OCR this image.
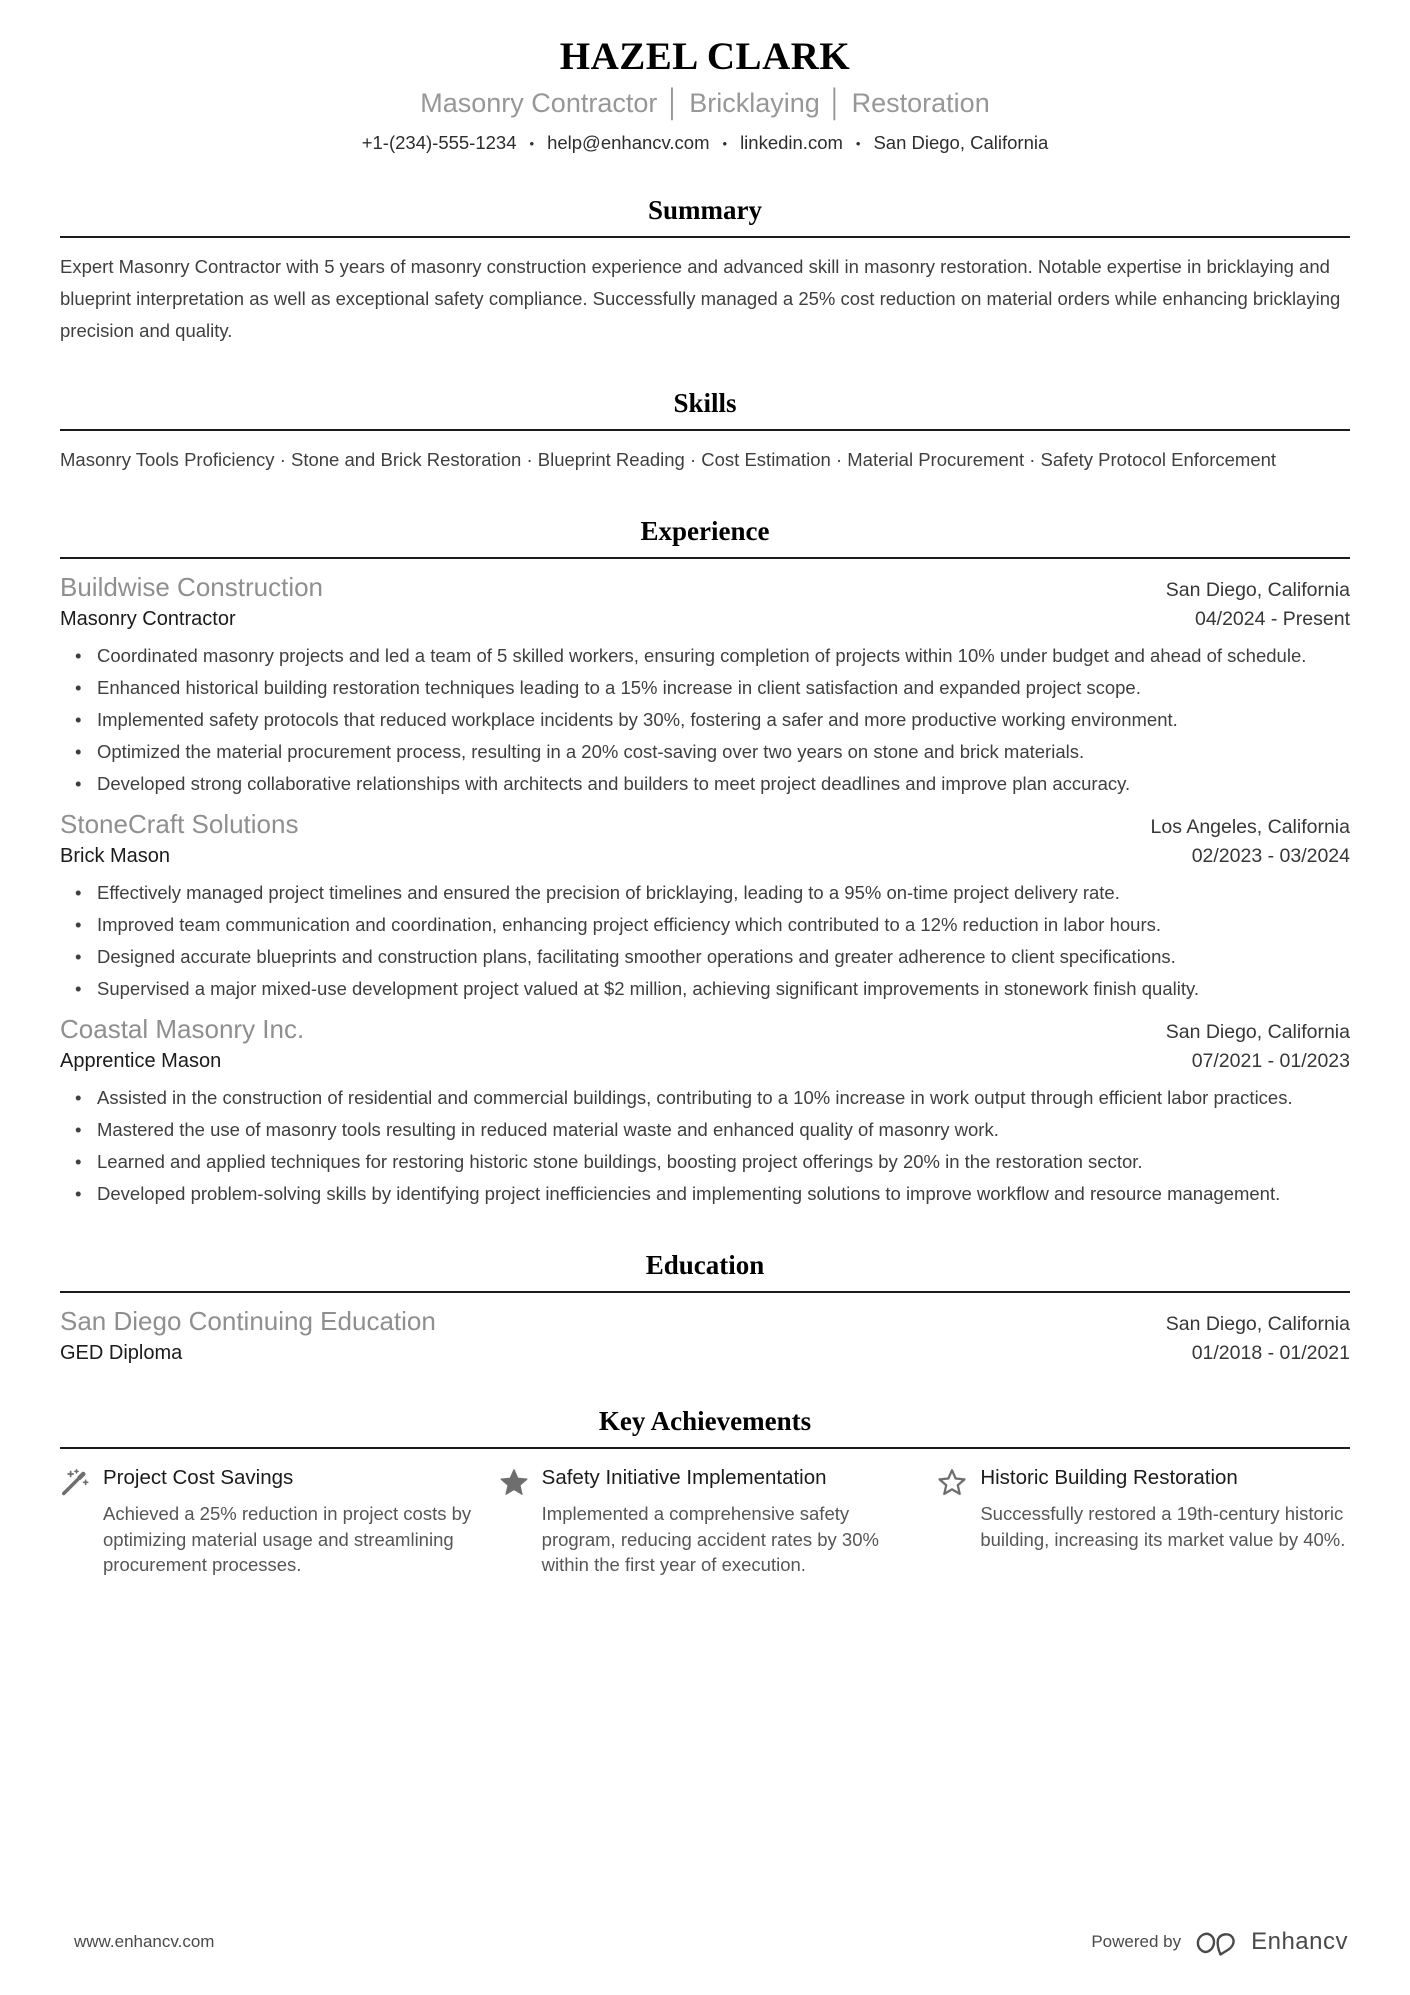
HAZEL CLARK
Masonry Contractor │ Bricklaying │ Restoration
+1-(234)-555-1234 • help@enhancv.com • linkedin.com • San Diego, California
Summary
Expert Masonry Contractor with 5 years of masonry construction experience and advanced skill in masonry restoration. Notable expertise in bricklaying and blueprint interpretation as well as exceptional safety compliance. Successfully managed a 25% cost reduction on material orders while enhancing bricklaying precision and quality.
Skills
Masonry Tools Proficiency · Stone and Brick Restoration · Blueprint Reading · Cost Estimation · Material Procurement · Safety Protocol Enforcement
Experience
Buildwise Construction	San Diego, California
Masonry Contractor	04/2024 - Present
• Coordinated masonry projects and led a team of 5 skilled workers, ensuring completion of projects within 10% under budget and ahead of schedule.
• Enhanced historical building restoration techniques leading to a 15% increase in client satisfaction and expanded project scope.
• Implemented safety protocols that reduced workplace incidents by 30%, fostering a safer and more productive working environment.
• Optimized the material procurement process, resulting in a 20% cost-saving over two years on stone and brick materials.
• Developed strong collaborative relationships with architects and builders to meet project deadlines and improve plan accuracy.
StoneCraft Solutions	Los Angeles, California
Brick Mason	02/2023 - 03/2024
• Effectively managed project timelines and ensured the precision of bricklaying, leading to a 95% on-time project delivery rate.
• Improved team communication and coordination, enhancing project efficiency which contributed to a 12% reduction in labor hours.
• Designed accurate blueprints and construction plans, facilitating smoother operations and greater adherence to client specifications.
• Supervised a major mixed-use development project valued at $2 million, achieving significant improvements in stonework finish quality.
Coastal Masonry Inc.	San Diego, California
Apprentice Mason	07/2021 - 01/2023
• Assisted in the construction of residential and commercial buildings, contributing to a 10% increase in work output through efficient labor practices.
• Mastered the use of masonry tools resulting in reduced material waste and enhanced quality of masonry work.
• Learned and applied techniques for restoring historic stone buildings, boosting project offerings by 20% in the restoration sector.
• Developed problem-solving skills by identifying project inefficiencies and implementing solutions to improve workflow and resource management.
Education
San Diego Continuing Education	San Diego, California
GED Diploma	01/2018 - 01/2021
Key Achievements
Project Cost Savings
Achieved a 25% reduction in project costs by optimizing material usage and streamlining procurement processes.
Safety Initiative Implementation
Implemented a comprehensive safety program, reducing accident rates by 30% within the first year of execution.
Historic Building Restoration
Successfully restored a 19th-century historic building, increasing its market value by 40%.
www.enhancv.com	Powered by	Enhancv
